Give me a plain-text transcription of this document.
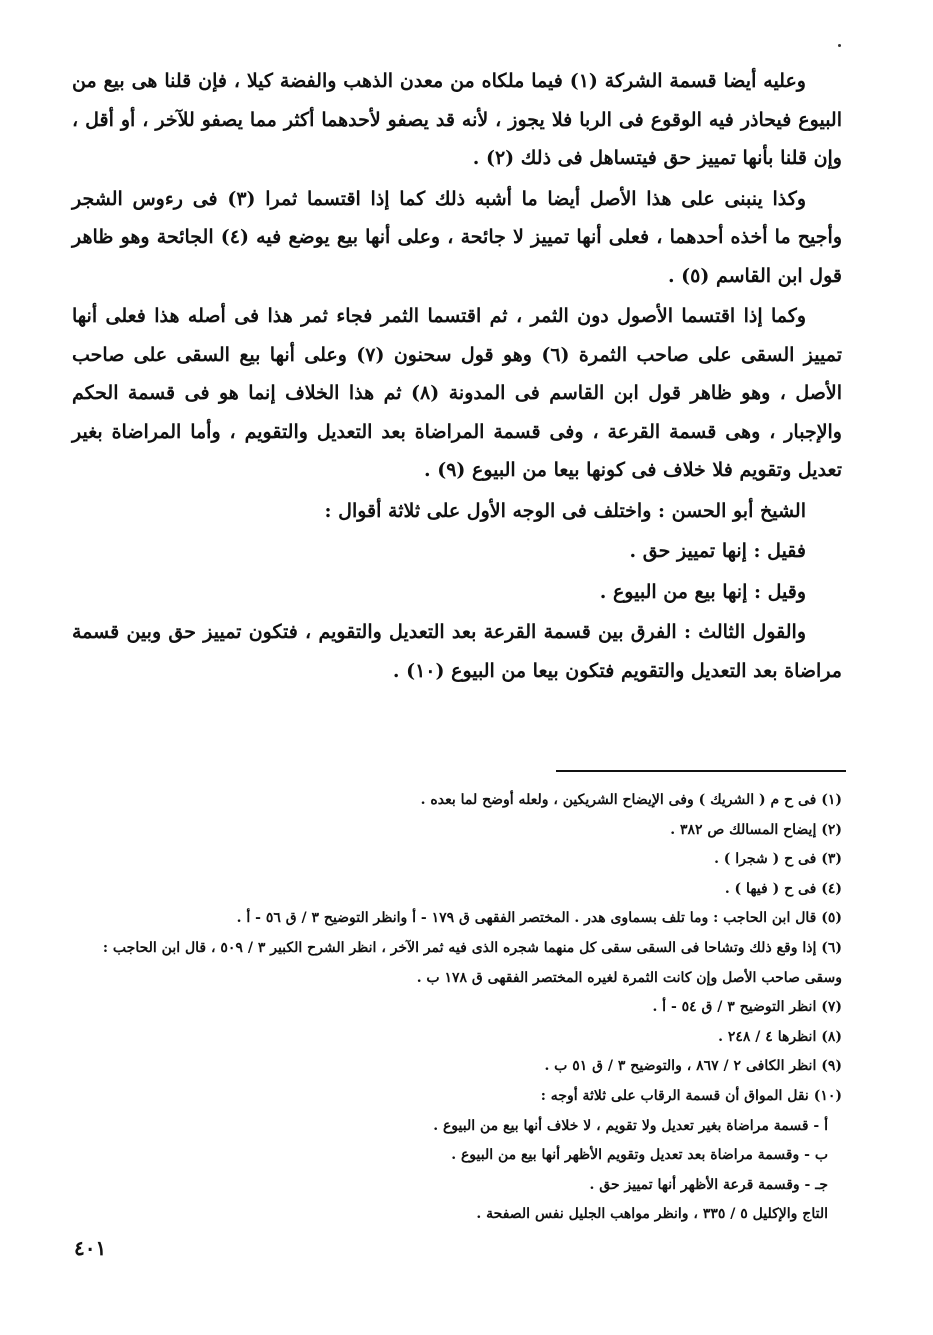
وعليه أيضا قسمة الشركة (١) فيما ملكاه من معدن الذهب والفضة كيلا ، فإن قلنا هى بيع من البيوع فيحاذر فيه الوقوع فى الربا فلا يجوز ، لأنه قد يصفو لأحدهما أكثر مما يصفو للآخر ، أو أقل ، وإن قلنا بأنها تمييز حق فيتساهل فى ذلك (٢) .

وكذا ينبنى على هذا الأصل أيضا ما أشبه ذلك كما إذا اقتسما ثمرا (٣) فى رءوس الشجر وأجيح ما أخذه أحدهما ، فعلى أنها تمييز لا جائحة ، وعلى أنها بيع يوضع فيه (٤) الجائحة وهو ظاهر قول ابن القاسم (٥) .

وكما إذا اقتسما الأصول دون الثمر ، ثم اقتسما الثمر فجاء ثمر هذا فى أصله هذا فعلى أنها تمييز السقى على صاحب الثمرة (٦) وهو قول سحنون (٧) وعلى أنها بيع السقى على صاحب الأصل ، وهو ظاهر قول ابن القاسم فى المدونة (٨) ثم هذا الخلاف إنما هو فى قسمة الحكم والإجبار ، وهى قسمة القرعة ، وفى قسمة المراضاة بعد التعديل والتقويم ، وأما المراضاة بغير تعديل وتقويم فلا خلاف فى كونها بيعا من البيوع (٩) .

الشيخ أبو الحسن : واختلف فى الوجه الأول على ثلاثة أقوال :

فقيل : إنها تمييز حق .

وقيل : إنها بيع من البيوع .

والقول الثالث : الفرق بين قسمة القرعة بعد التعديل والتقويم ، فتكون تمييز حق وبين قسمة مراضاة بعد التعديل والتقويم فتكون بيعا من البيوع (١٠) .

(١) فى ح م ( الشريك ) وفى الإيضاح الشريكين ، ولعله أوضح لما بعده .

(٢) إيضاح المسالك ص ٣٨٢ .

(٣) فى ح ( شجرا ) .

(٤) فى ح ( فيها ) .

(٥) قال ابن الحاجب : وما تلف بسماوى هدر . المختصر الفقهى ق ١٧٩ - أ وانظر التوضيح ٣ / ق ٥٦ - أ .

(٦) إذا وقع ذلك وتشاحا فى السقى سقى كل منهما شجره الذى فيه ثمر الآخر ، انظر الشرح الكبير ٣ / ٥٠٩ ، قال ابن الحاجب : وسقى صاحب الأصل وإن كانت الثمرة لغيره المختصر الفقهى ق ١٧٨ ب .

(٧) انظر التوضيح ٣ / ق ٥٤ - أ .

(٨) انظرها ٤ / ٢٤٨ .

(٩) انظر الكافى ٢ / ٨٦٧ ، والتوضيح ٣ / ق ٥١ ب .

(١٠) نقل المواق أن قسمة الرقاب على ثلاثة أوجه :

أ - قسمة مراضاة بغير تعديل ولا تقويم ، لا خلاف أنها بيع من البيوع .

ب - وقسمة مراضاة بعد تعديل وتقويم الأظهر أنها بيع من البيوع .

جـ - وقسمة قرعة الأظهر أنها تمييز حق .

التاج والإكليل ٥ / ٣٣٥ ، وانظر مواهب الجليل نفس الصفحة .

٤٠١
